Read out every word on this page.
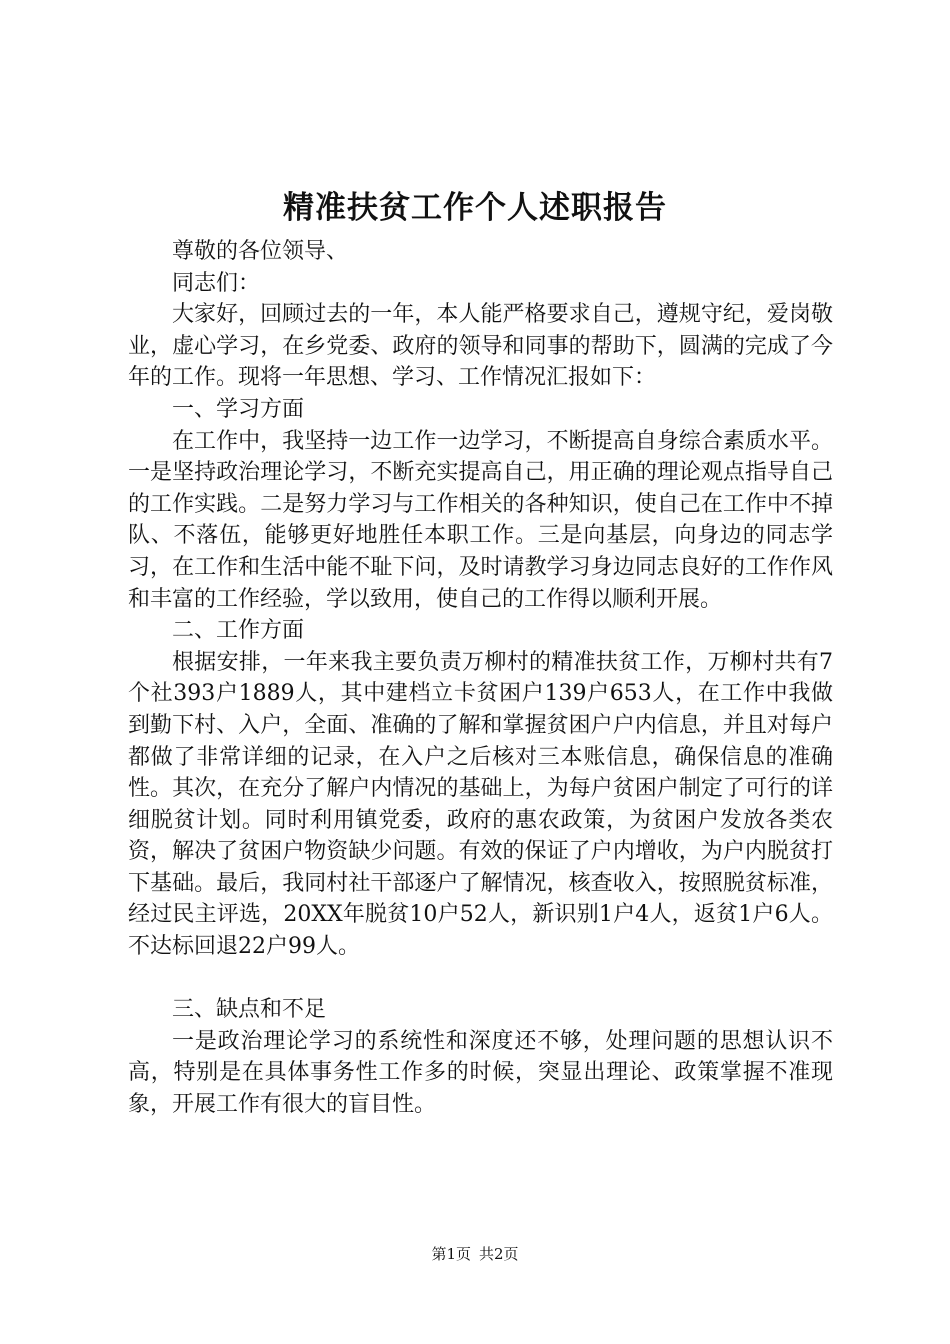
精准扶贫工作个人述职报告

尊敬的各位领导、

同志们：

大家好，回顾过去的一年，本人能严格要求自己，遵规守纪，爱岗敬业，虚心学习，在乡党委、政府的领导和同事的帮助下，圆满的完成了今年的工作。现将一年思想、学习、工作情况汇报如下：

一、学习方面

在工作中，我坚持一边工作一边学习，不断提高自身综合素质水平。一是坚持政治理论学习，不断充实提高自己，用正确的理论观点指导自己的工作实践。二是努力学习与工作相关的各种知识，使自己在工作中不掉队、不落伍，能够更好地胜任本职工作。三是向基层，向身边的同志学习，在工作和生活中能不耻下问，及时请教学习身边同志良好的工作作风和丰富的工作经验，学以致用，使自己的工作得以顺利开展。

二、工作方面

根据安排，一年来我主要负责万柳村的精准扶贫工作，万柳村共有7个社393户1889人，其中建档立卡贫困户139户653人，在工作中我做到勤下村、入户，全面、准确的了解和掌握贫困户户内信息，并且对每户都做了非常详细的记录，在入户之后核对三本账信息，确保信息的准确性。其次，在充分了解户内情况的基础上，为每户贫困户制定了可行的详细脱贫计划。同时利用镇党委，政府的惠农政策，为贫困户发放各类农资，解决了贫困户物资缺少问题。有效的保证了户内增收，为户内脱贫打下基础。最后，我同村社干部逐户了解情况，核查收入，按照脱贫标准，经过民主评选，20XX年脱贫10户52人，新识别1户4人，返贫1户6人。不达标回退22户99人。

三、缺点和不足

一是政治理论学习的系统性和深度还不够，处理问题的思想认识不高，特别是在具体事务性工作多的时候，突显出理论、政策掌握不准现象，开展工作有很大的盲目性。

第1页 共2页
